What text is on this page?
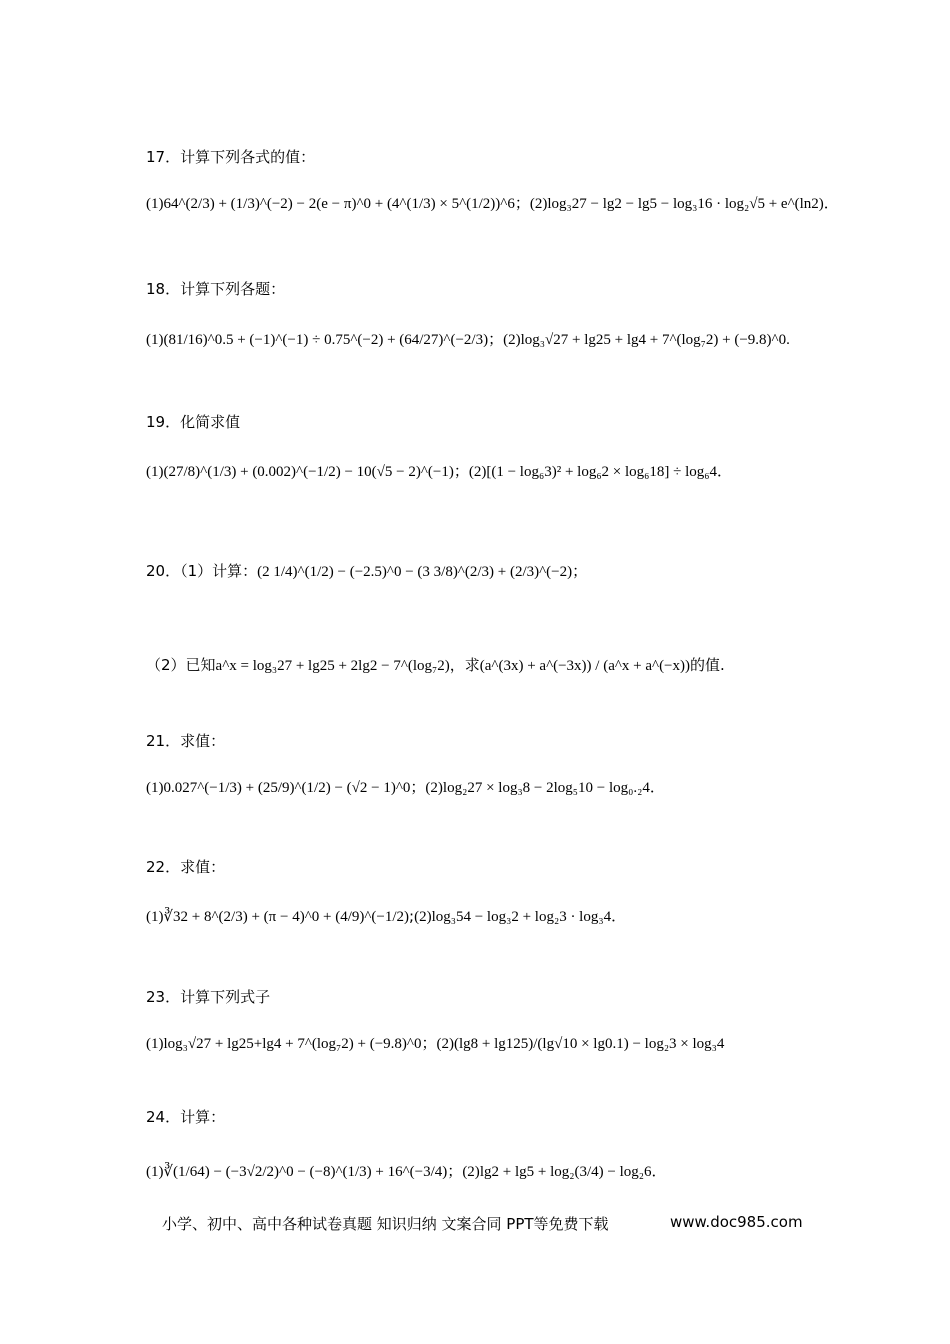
17．计算下列各式的值：
(1)64^(2/3) + (1/3)^(−2) − 2(e − π)^0 + (4^(1/3) × 5^(1/2))^6；(2)log₃27 − lg2 − lg5 − log₃16 · log₂√5 + e^(ln2)．
18．计算下列各题：
(1)(81/16)^0.5 + (−1)^(−1) ÷ 0.75^(−2) + (64/27)^(−2/3)；(2)log₃√27 + lg25 + lg4 + 7^(log₇2) + (−9.8)^0.
19．化简求值
(1)(27/8)^(1/3) + (0.002)^(−1/2) − 10(√5 − 2)^(−1)；(2)[(1 − log₆3)² + log₆2 × log₆18] ÷ log₆4．
20．（1）计算：(2 1/4)^(1/2) − (−2.5)^0 − (3 3/8)^(2/3) + (2/3)^(−2)；
（2）已知a^x = log₃27 + lg25 + 2lg2 − 7^(log₇2)，求(a^(3x) + a^(−3x)) / (a^x + a^(−x))的值.
21．求值：
(1)0.027^(−1/3) + (25/9)^(1/2) − (√2 − 1)^0；(2)log₂27 × log₃8 − 2log₅10 − log₀.₂4．
22．求值：
(1)∛32 + 8^(2/3) + (π − 4)^0 + (4/9)^(−1/2);(2)log₃54 − log₃2 + log₂3 · log₃4．
23．计算下列式子
(1)log₃√27 + lg25+lg4 + 7^(log₇2) + (−9.8)^0；(2)(lg8 + lg125)/(lg√10 × lg0.1) − log₂3 × log₃4
24．计算：
(1)∛(1/64) − (−3√2/2)^0 − (−8)^(1/3) + 16^(−3/4)；(2)lg2 + lg5 + log₂(3/4) − log₂6．
小学、初中、高中各种试卷真题 知识归纳 文案合同 PPT等免费下载	www.doc985.com
